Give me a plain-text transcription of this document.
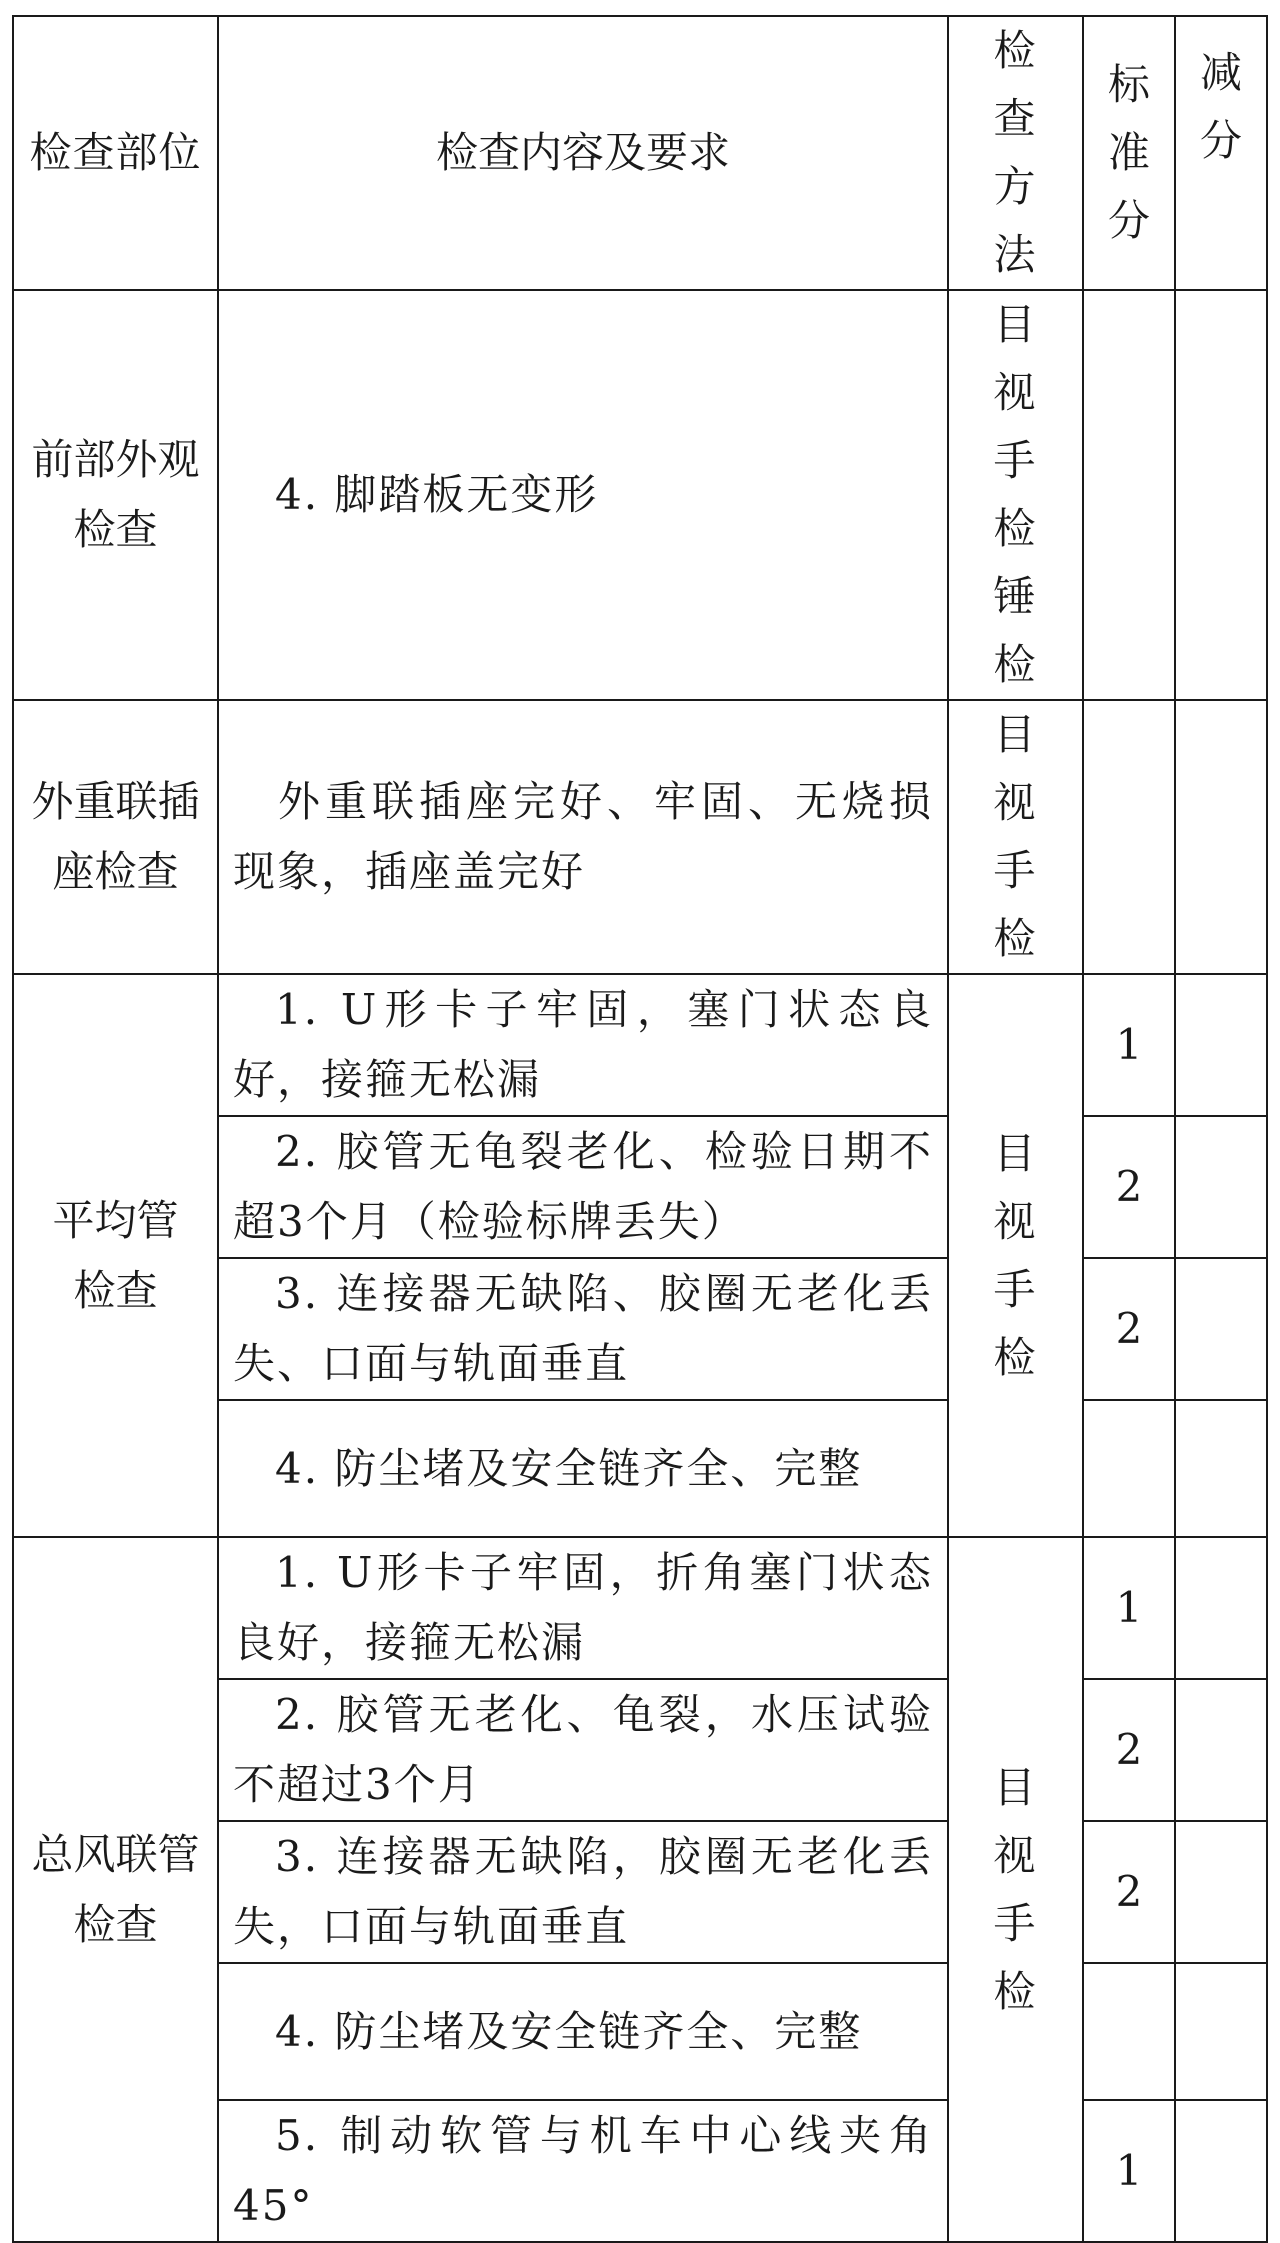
检查部位	检查内容及要求	检查方法	标准分	减分

前部外观检查	4. 脚踏板无变形	目视手检锤检		

外重联插座检查	外重联插座完好、牢固、无烧损现象，插座盖完好	目视手检		

平均管检查	1. U形卡子牢固，塞门状态良好，接箍无松漏	目视手检	1	
	2. 胶管无龟裂老化、检验日期不超3个月（检验标牌丢失）		2	
	3. 连接器无缺陷、胶圈无老化丢失、口面与轨面垂直		2	
	4. 防尘堵及安全链齐全、完整			
总风联管检查	1. U形卡子牢固，折角塞门状态良好，接箍无松漏	目视手检	1	
	2. 胶管无老化、龟裂，水压试验不超过3个月		2	
	3. 连接器无缺陷，胶圈无老化丢失，口面与轨面垂直		2	
	4. 防尘堵及安全链齐全、完整			
	5. 制动软管与机车中心线夹角45°		1	
